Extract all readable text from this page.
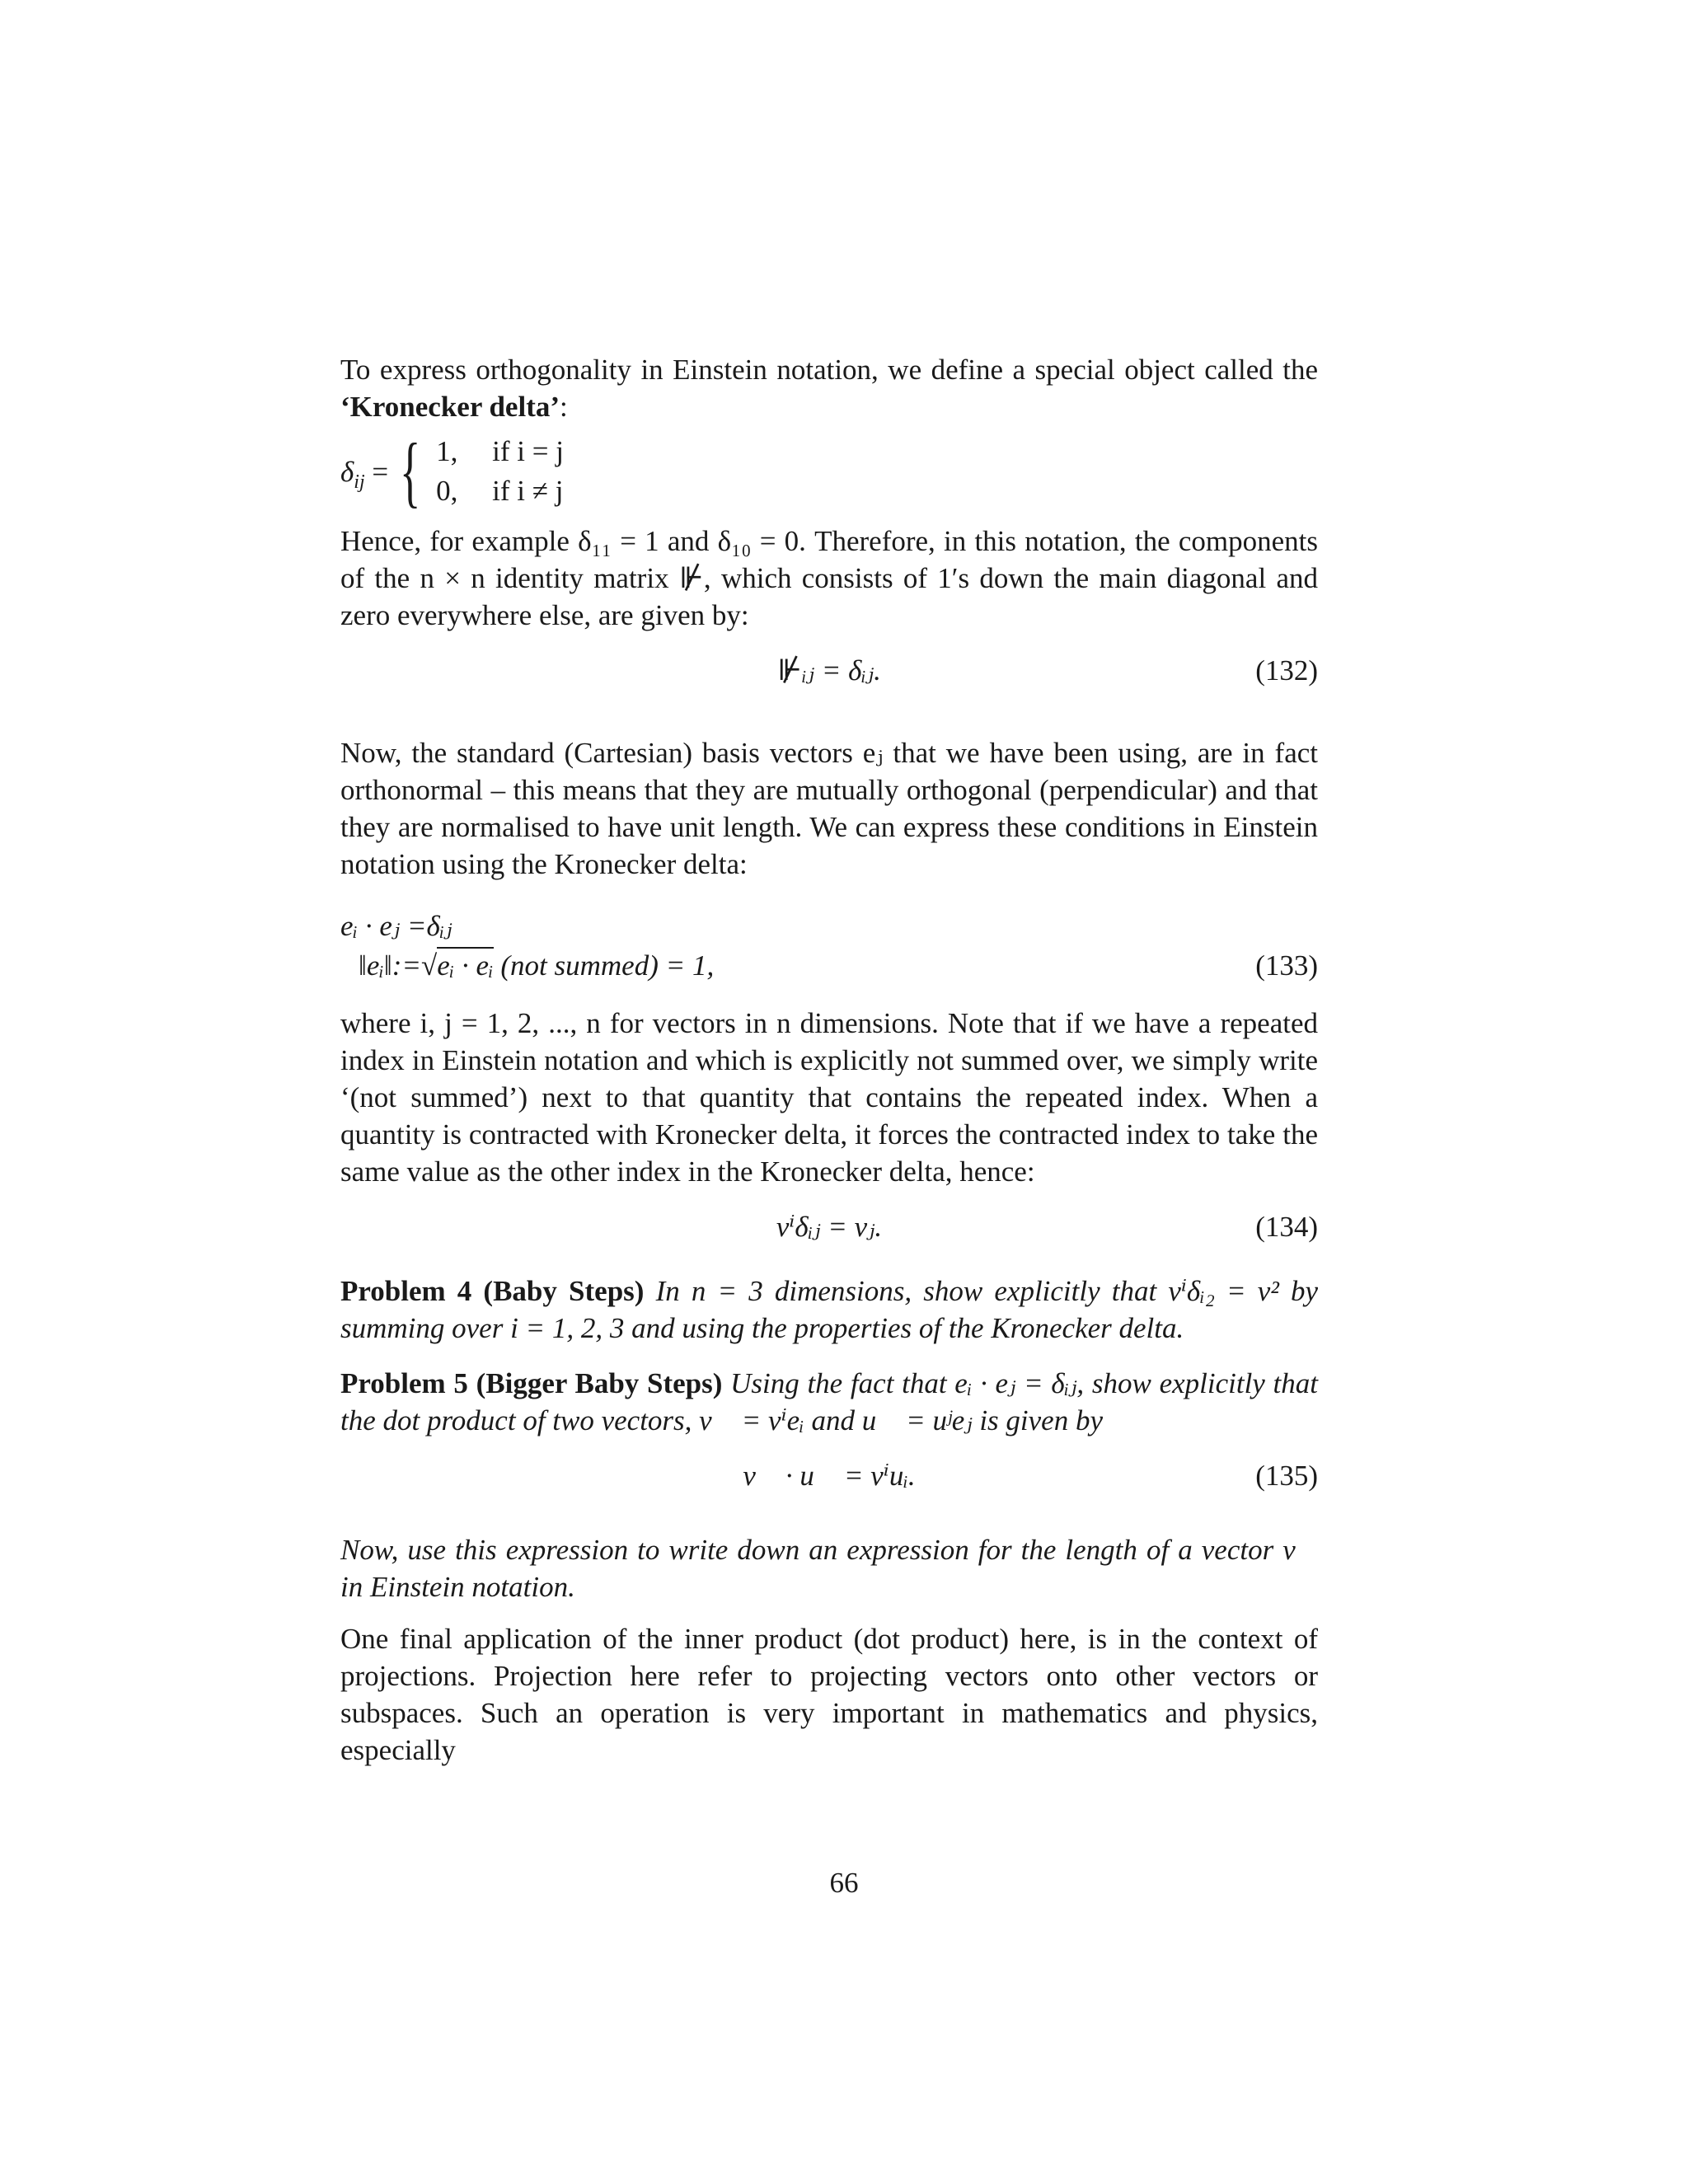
To express orthogonality in Einstein notation, we define a special object called the ‘Kronecker delta’:

$\delta_{ij}$ = { 1, if i = j
0, if i ≠ j

Hence, for example δ₁₁ = 1 and δ₁₀ = 0. Therefore, in this notation, the components of the n × n identity matrix ⊮, which consists of 1′s down the main diagonal and zero everywhere else, are given by:

⊮ᵢⱼ = δᵢⱼ.	(132)

Now, the standard (Cartesian) basis vectors eⱼ that we have been using, are in fact orthonormal – this means that they are mutually orthogonal (perpendicular) and that they are normalised to have unit length. We can express these conditions in Einstein notation using the Kronecker delta:

eᵢ · eⱼ =δᵢⱼ
‖eᵢ‖:=√eᵢ · eᵢ (not summed) = 1,	(133)

where i, j = 1, 2, ..., n for vectors in n dimensions. Note that if we have a repeated index in Einstein notation and which is explicitly not summed over, we simply write ‘(not summed’) next to that quantity that contains the repeated index. When a quantity is contracted with Kronecker delta, it forces the contracted index to take the same value as the other index in the Kronecker delta, hence:

vⁱδᵢⱼ = vⱼ.	(134)

Problem 4 (Baby Steps) In n = 3 dimensions, show explicitly that vⁱδᵢ₂ = v² by summing over i = 1, 2, 3 and using the properties of the Kronecker delta.

Problem 5 (Bigger Baby Steps) Using the fact that eᵢ · eⱼ = δᵢⱼ, show explicitly that the dot product of two vectors, v⃗ = vⁱeᵢ and u⃗ = uʲeⱼ is given by

v⃗ · u⃗ = vⁱuᵢ.	(135)

Now, use this expression to write down an expression for the length of a vector v⃗ in Einstein notation.

One final application of the inner product (dot product) here, is in the context of projections. Projection here refer to projecting vectors onto other vectors or subspaces. Such an operation is very important in mathematics and physics, especially

66
